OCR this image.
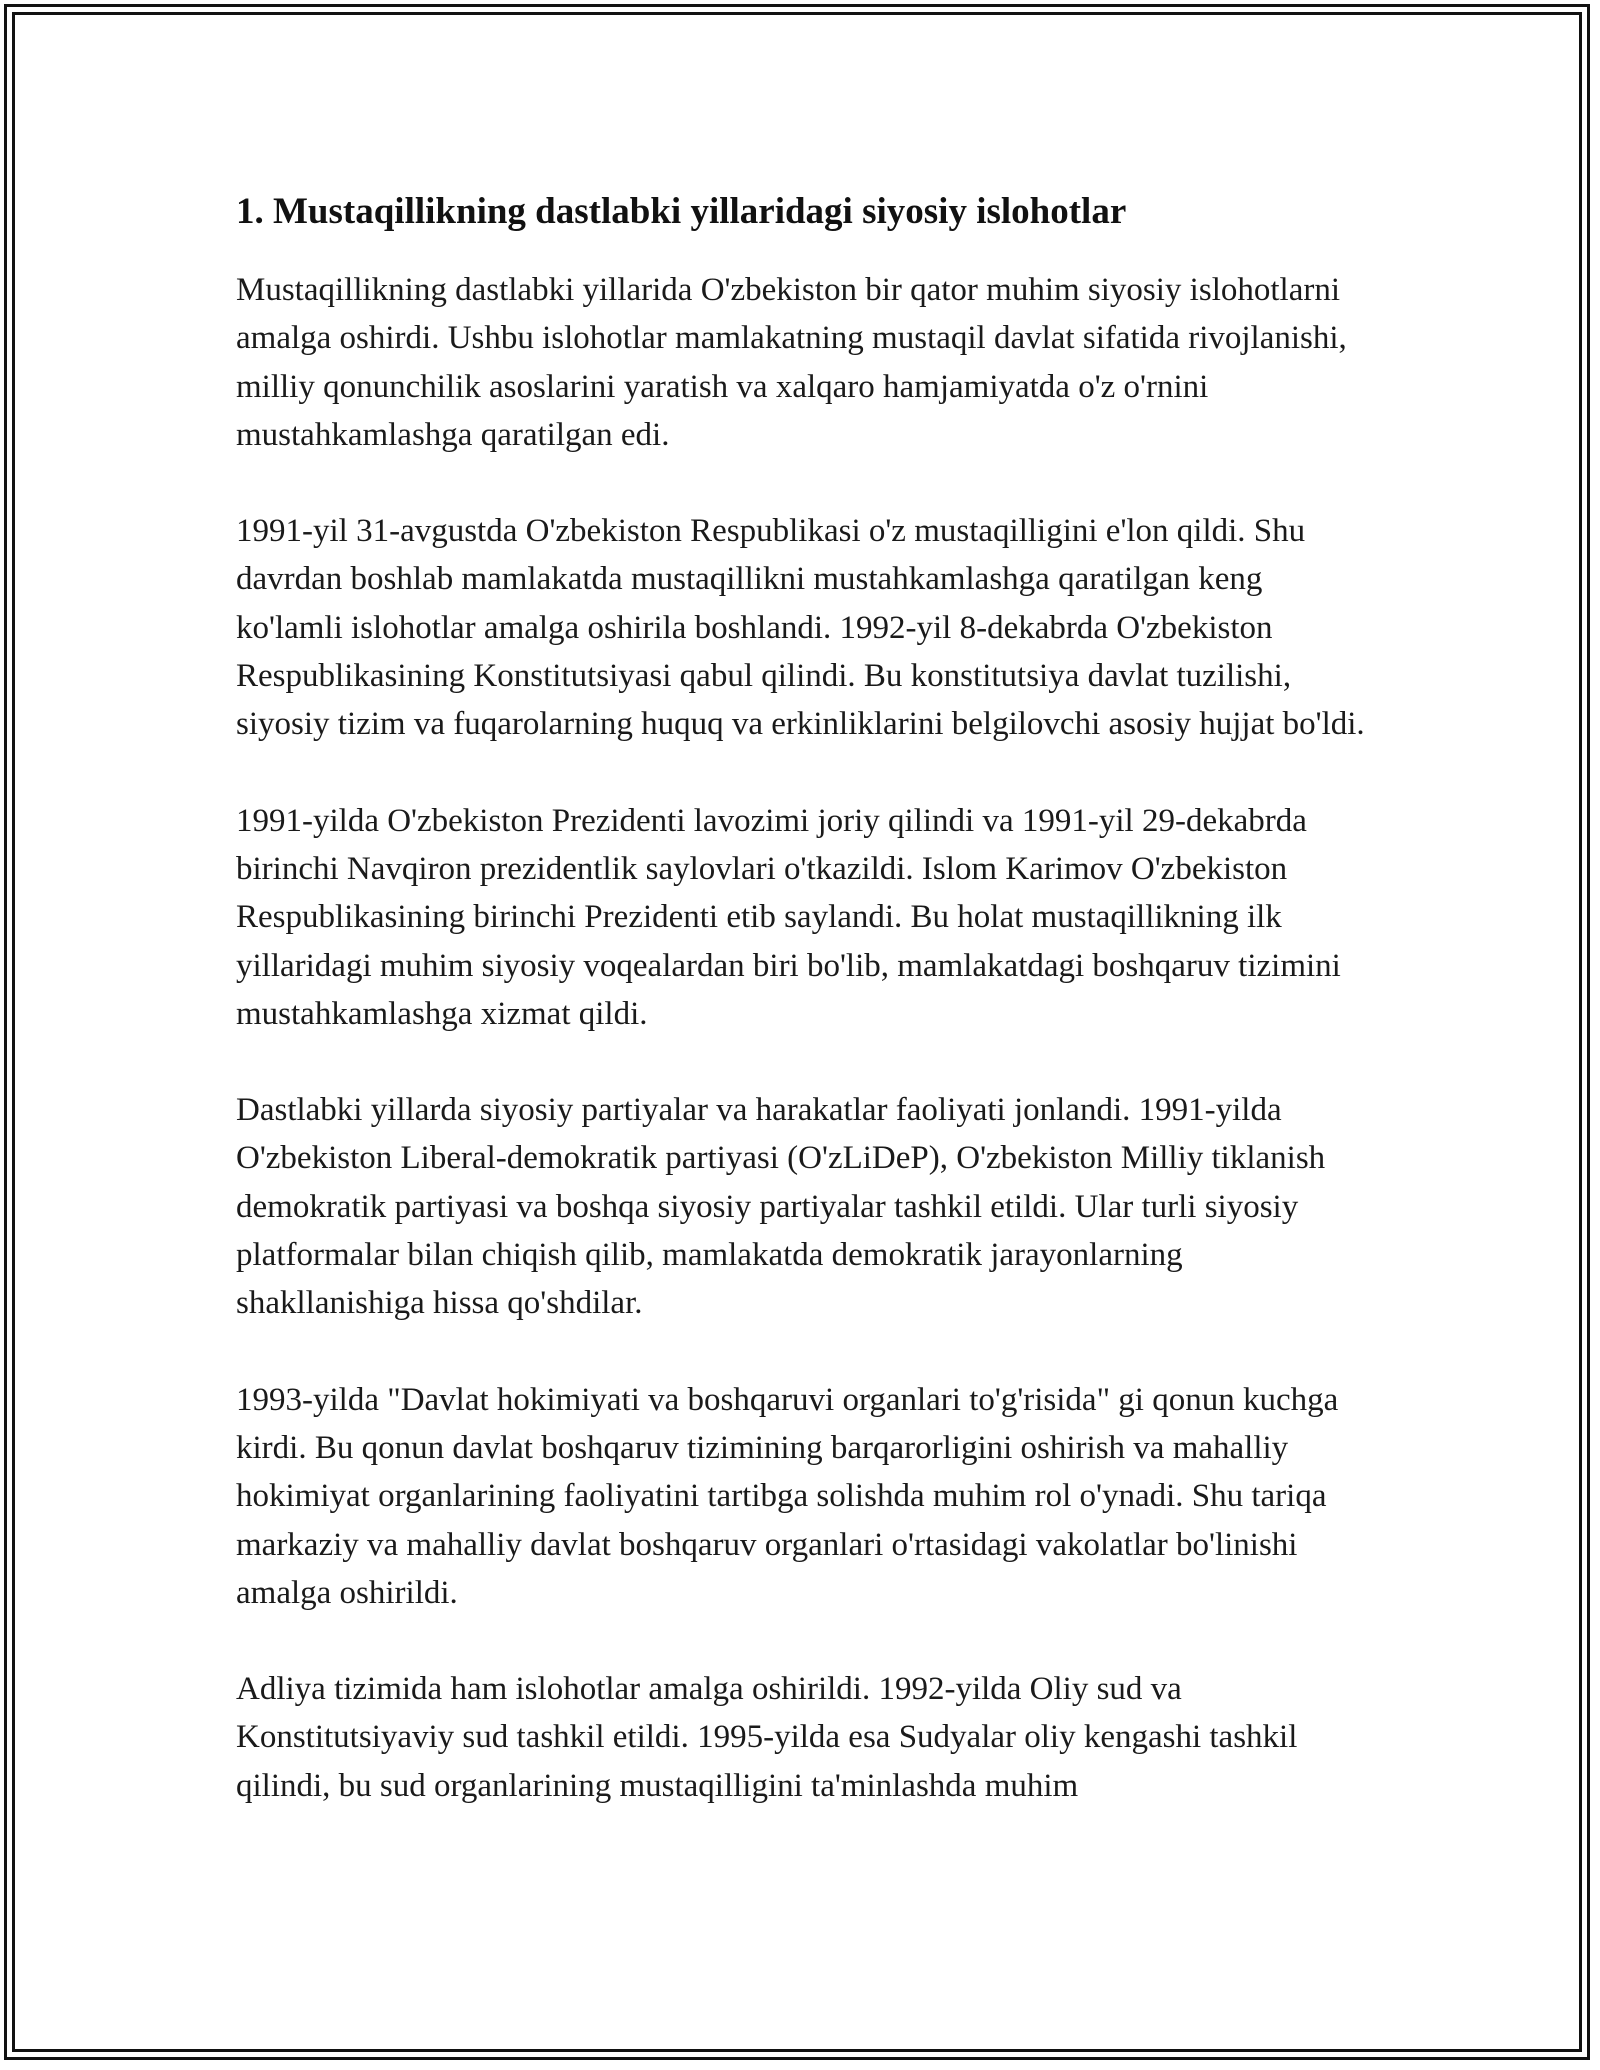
1. Mustaqillikning dastlabki yillaridagi siyosiy islohotlar

Mustaqillikning dastlabki yillarida O'zbekiston bir qator muhim siyosiy islohotlarni amalga oshirdi. Ushbu islohotlar mamlakatning mustaqil davlat sifatida rivojlanishi, milliy qonunchilik asoslarini yaratish va xalqaro hamjamiyatda o'z o'rnini mustahkamlashga qaratilgan edi.

1991-yil 31-avgustda O'zbekiston Respublikasi o'z mustaqilligini e'lon qildi. Shu davrdan boshlab mamlakatda mustaqillikni mustahkamlashga qaratilgan keng ko'lamli islohotlar amalga oshirila boshlandi. 1992-yil 8-dekabrda O'zbekiston Respublikasining Konstitutsiyasi qabul qilindi. Bu konstitutsiya davlat tuzilishi, siyosiy tizim va fuqarolarning huquq va erkinliklarini belgilovchi asosiy hujjat bo'ldi.

1991-yilda O'zbekiston Prezidenti lavozimi joriy qilindi va 1991-yil 29-dekabrda birinchi Navqiron prezidentlik saylovlari o'tkazildi. Islom Karimov O'zbekiston Respublikasining birinchi Prezidenti etib saylandi. Bu holat mustaqillikning ilk yillaridagi muhim siyosiy voqealardan biri bo'lib, mamlakatdagi boshqaruv tizimini mustahkamlashga xizmat qildi.

Dastlabki yillarda siyosiy partiyalar va harakatlar faoliyati jonlandi. 1991-yilda O'zbekiston Liberal-demokratik partiyasi (O'zLiDeP), O'zbekiston Milliy tiklanish demokratik partiyasi va boshqa siyosiy partiyalar tashkil etildi. Ular turli siyosiy platformalar bilan chiqish qilib, mamlakatda demokratik jarayonlarning shakllanishiga hissa qo'shdilar.

1993-yilda "Davlat hokimiyati va boshqaruvi organlari to'g'risida" gi qonun kuchga kirdi. Bu qonun davlat boshqaruv tizimining barqarorligini oshirish va mahalliy hokimiyat organlarining faoliyatini tartibga solishda muhim rol o'ynadi. Shu tariqa markaziy va mahalliy davlat boshqaruv organlari o'rtasidagi vakolatlar bo'linishi amalga oshirildi.

Adliya tizimida ham islohotlar amalga oshirildi. 1992-yilda Oliy sud va Konstitutsiyaviy sud tashkil etildi. 1995-yilda esa Sudyalar oliy kengashi tashkil qilindi, bu sud organlarining mustaqilligini ta'minlashda muhim
